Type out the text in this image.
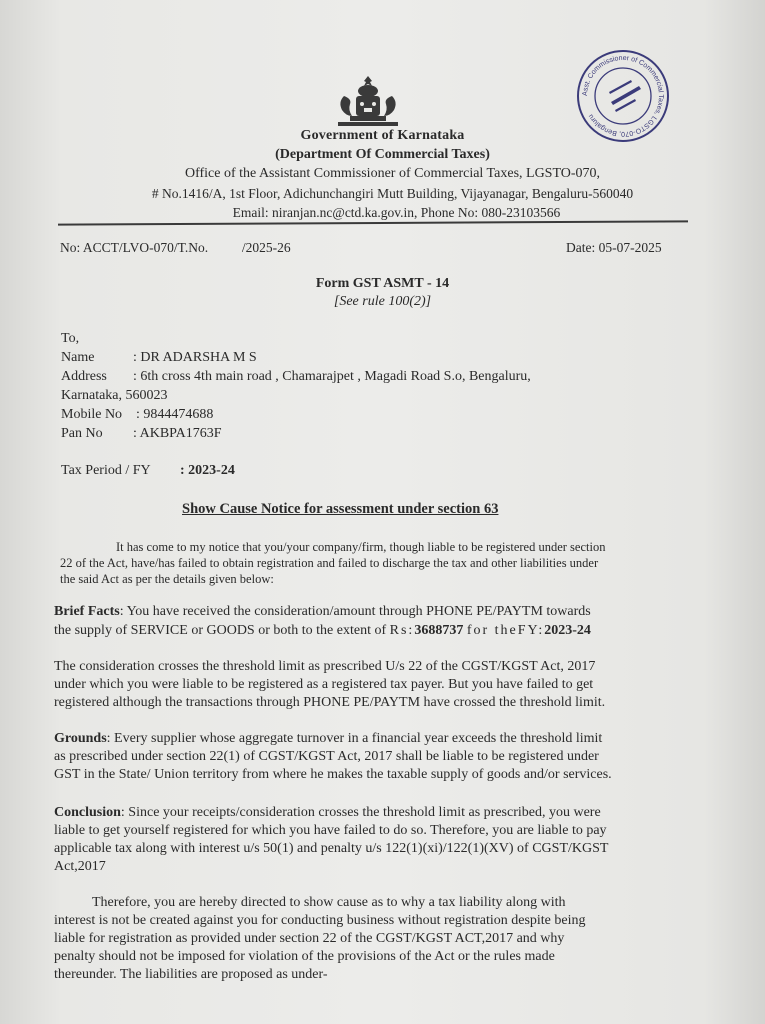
Asst. Commissioner of Commercial Taxes, LGSTO-070, Bengaluru
Government of Karnataka
(Department Of Commercial Taxes)
Office of the Assistant Commissioner of Commercial Taxes, LGSTO-070,
# No.1416/A, 1st Floor, Adichunchangiri Mutt Building, Vijayanagar, Bengaluru-560040
Email: niranjan.nc@ctd.ka.gov.in, Phone No: 080-23103566
No: ACCT/LVO-070/T.No.          /2025-26	Date: 05-07-2025
Form GST ASMT - 14
[See rule 100(2)]
To,
Name	: DR ADARSHA M S
Address : 6th cross 4th main road , Chamarajpet , Magadi Road S.o, Bengaluru,
Karnataka, 560023
Mobile No : 9844474688
Pan No : AKBPA1763F
Tax Period / FY : 2023-24
Show Cause Notice for assessment under section 63
It has come to my notice that you/your company/firm, though liable to be registered under section
22 of the Act, have/has failed to obtain registration and failed to discharge the tax and other liabilities under
the said Act as per the details given below:
Brief Facts: You have received the consideration/amount through PHONE PE/PAYTM towards
the supply of SERVICE or GOODS or both to the extent of Rs:3688737 for theFY:2023-24
The consideration crosses the threshold limit as prescribed U/s 22 of the CGST/KGST Act, 2017
under which you were liable to be registered as a registered tax payer. But you have failed to get
registered although the transactions through PHONE PE/PAYTM have crossed the threshold limit.
Grounds: Every supplier whose aggregate turnover in a financial year exceeds the threshold limit
as prescribed under section 22(1) of CGST/KGST Act, 2017 shall be liable to be registered under
GST in the State/ Union territory from where he makes the taxable supply of goods and/or services.
Conclusion: Since your receipts/consideration crosses the threshold limit as prescribed, you were
liable to get yourself registered for which you have failed to do so. Therefore, you are liable to pay
applicable tax along with interest u/s 50(1) and penalty u/s 122(1)(xi)/122(1)(XV) of CGST/KGST
Act,2017
Therefore, you are hereby directed to show cause as to why a tax liability along with
interest is not be created against you for conducting business without registration despite being
liable for registration as provided under section 22 of the CGST/KGST ACT,2017 and why
penalty should not be imposed for violation of the provisions of the Act or the rules made
thereunder. The liabilities are proposed as under-
